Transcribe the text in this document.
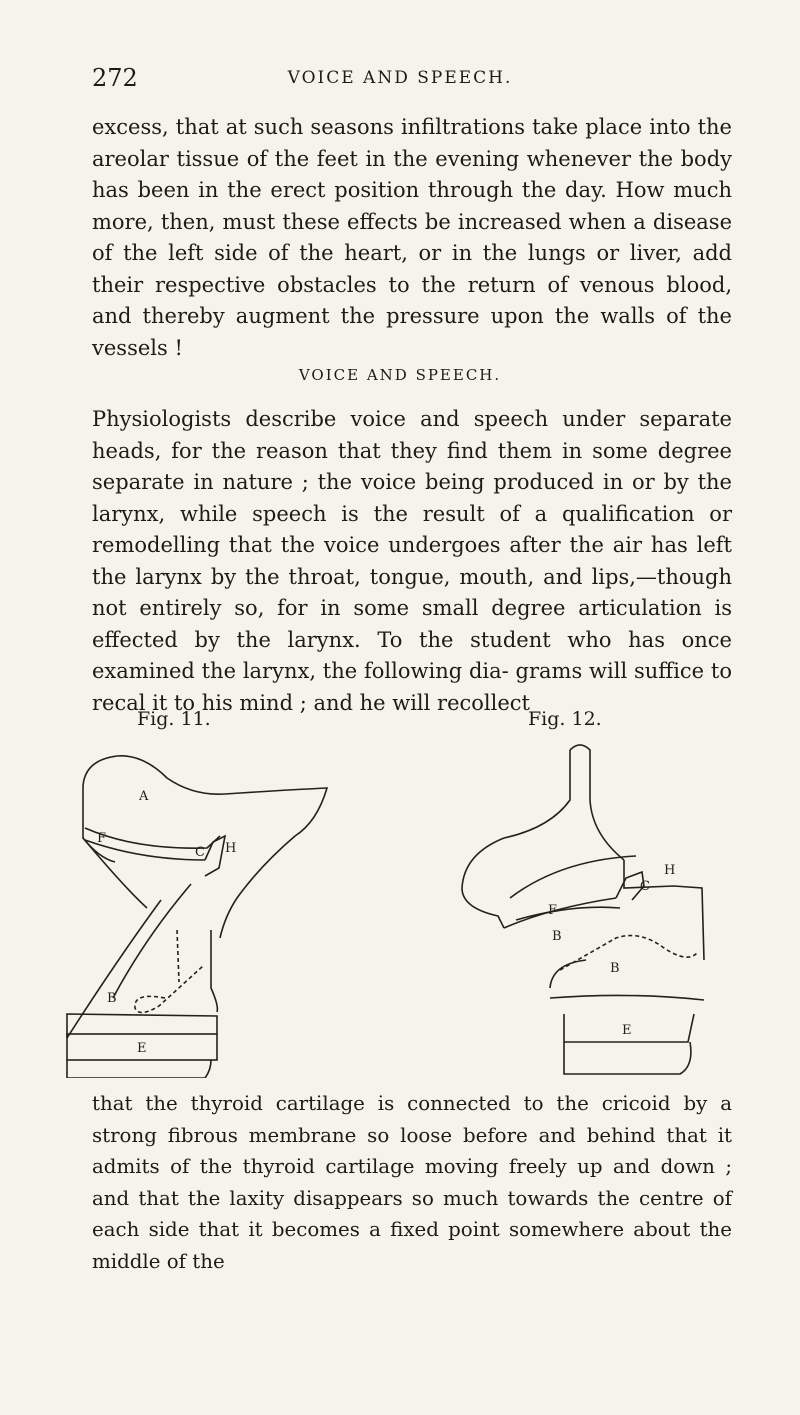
272	VOICE AND SPEECH.

excess, that at such seasons infiltrations take place into the areolar tissue of the feet in the evening whenever the body has been in the erect position through the day. How much more, then, must these effects be increased when a disease of the left side of the heart, or in the lungs or liver, add their respective obstacles to the return of venous blood, and thereby augment the pressure upon the walls of the vessels !

VOICE AND SPEECH.

Physiologists describe voice and speech under separate heads, for the reason that they find them in some degree separate in nature ; the voice being produced in or by the larynx, while speech is the result of a qualification or remodelling that the voice undergoes after the air has left the larynx by the throat, tongue, mouth, and lips,—though not entirely so, for in some small degree articulation is effected by the larynx. To the student who has once examined the larynx, the following dia- grams will suffice to recal it to his mind ; and he will recollect

Fig. 11.	Fig. 12.
A
F
C H
B
E
H
C
F
B
B
E

that the thyroid cartilage is connected to the cricoid by a strong fibrous membrane so loose before and behind that it admits of the thyroid cartilage moving freely up and down ; and that the laxity disappears so much towards the centre of each side that it becomes a fixed point somewhere about the middle of the
